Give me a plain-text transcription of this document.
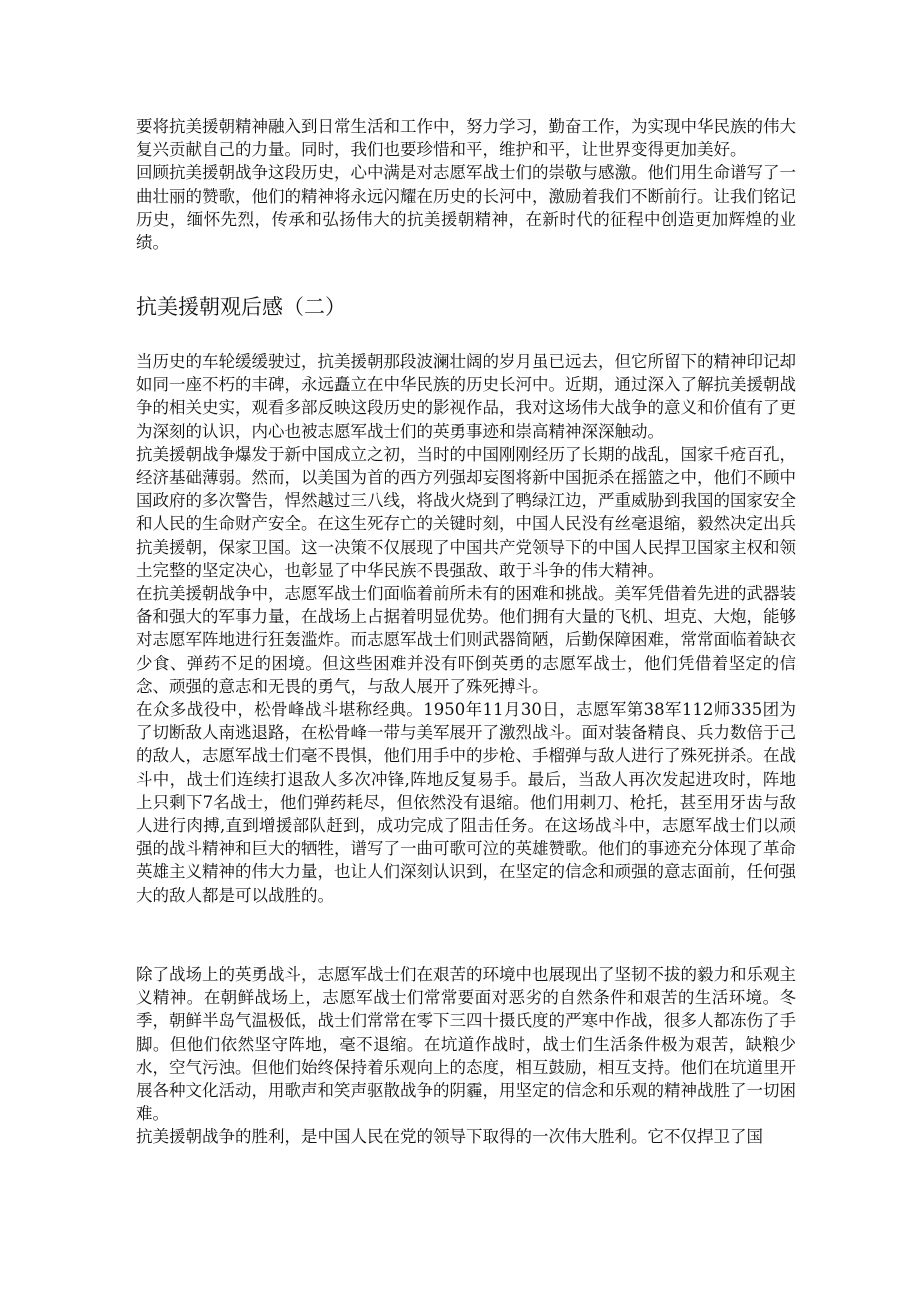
要将抗美援朝精神融入到日常生活和工作中，努力学习，勤奋工作，为实现中华民族的伟大复兴贡献自己的力量。同时，我们也要珍惜和平，维护和平，让世界变得更加美好。

回顾抗美援朝战争这段历史，心中满是对志愿军战士们的崇敬与感激。他们用生命谱写了一曲壮丽的赞歌，他们的精神将永远闪耀在历史的长河中，激励着我们不断前行。让我们铭记历史，缅怀先烈，传承和弘扬伟大的抗美援朝精神，在新时代的征程中创造更加辉煌的业绩。

抗美援朝观后感（二）

当历史的车轮缓缓驶过，抗美援朝那段波澜壮阔的岁月虽已远去，但它所留下的精神印记却如同一座不朽的丰碑，永远矗立在中华民族的历史长河中。近期，通过深入了解抗美援朝战争的相关史实，观看多部反映这段历史的影视作品，我对这场伟大战争的意义和价值有了更为深刻的认识，内心也被志愿军战士们的英勇事迹和崇高精神深深触动。

抗美援朝战争爆发于新中国成立之初，当时的中国刚刚经历了长期的战乱，国家千疮百孔，经济基础薄弱。然而，以美国为首的西方列强却妄图将新中国扼杀在摇篮之中，他们不顾中国政府的多次警告，悍然越过三八线，将战火烧到了鸭绿江边，严重威胁到我国的国家安全和人民的生命财产安全。在这生死存亡的关键时刻，中国人民没有丝毫退缩，毅然决定出兵抗美援朝，保家卫国。这一决策不仅展现了中国共产党领导下的中国人民捍卫国家主权和领土完整的坚定决心，也彰显了中华民族不畏强敌、敢于斗争的伟大精神。

在抗美援朝战争中，志愿军战士们面临着前所未有的困难和挑战。美军凭借着先进的武器装备和强大的军事力量，在战场上占据着明显优势。他们拥有大量的飞机、坦克、大炮，能够对志愿军阵地进行狂轰滥炸。而志愿军战士们则武器简陋，后勤保障困难，常常面临着缺衣少食、弹药不足的困境。但这些困难并没有吓倒英勇的志愿军战士，他们凭借着坚定的信念、顽强的意志和无畏的勇气，与敌人展开了殊死搏斗。

在众多战役中，松骨峰战斗堪称经典。1950年11月30日，志愿军第38军112师335团为了切断敌人南逃退路，在松骨峰一带与美军展开了激烈战斗。面对装备精良、兵力数倍于己的敌人，志愿军战士们毫不畏惧，他们用手中的步枪、手榴弹与敌人进行了殊死拼杀。在战斗中，战士们连续打退敌人多次冲锋,阵地反复易手。最后，当敌人再次发起进攻时，阵地上只剩下7名战士，他们弹药耗尽，但依然没有退缩。他们用刺刀、枪托，甚至用牙齿与敌人进行肉搏,直到增援部队赶到，成功完成了阻击任务。在这场战斗中，志愿军战士们以顽强的战斗精神和巨大的牺牲，谱写了一曲可歌可泣的英雄赞歌。他们的事迹充分体现了革命英雄主义精神的伟大力量，也让人们深刻认识到，在坚定的信念和顽强的意志面前，任何强大的敌人都是可以战胜的。

除了战场上的英勇战斗，志愿军战士们在艰苦的环境中也展现出了坚韧不拔的毅力和乐观主义精神。在朝鲜战场上，志愿军战士们常常要面对恶劣的自然条件和艰苦的生活环境。冬季，朝鲜半岛气温极低，战士们常常在零下三四十摄氏度的严寒中作战，很多人都冻伤了手脚。但他们依然坚守阵地，毫不退缩。在坑道作战时，战士们生活条件极为艰苦，缺粮少水，空气污浊。但他们始终保持着乐观向上的态度，相互鼓励，相互支持。他们在坑道里开展各种文化活动，用歌声和笑声驱散战争的阴霾，用坚定的信念和乐观的精神战胜了一切困难。

抗美援朝战争的胜利，是中国人民在党的领导下取得的一次伟大胜利。它不仅捍卫了国
